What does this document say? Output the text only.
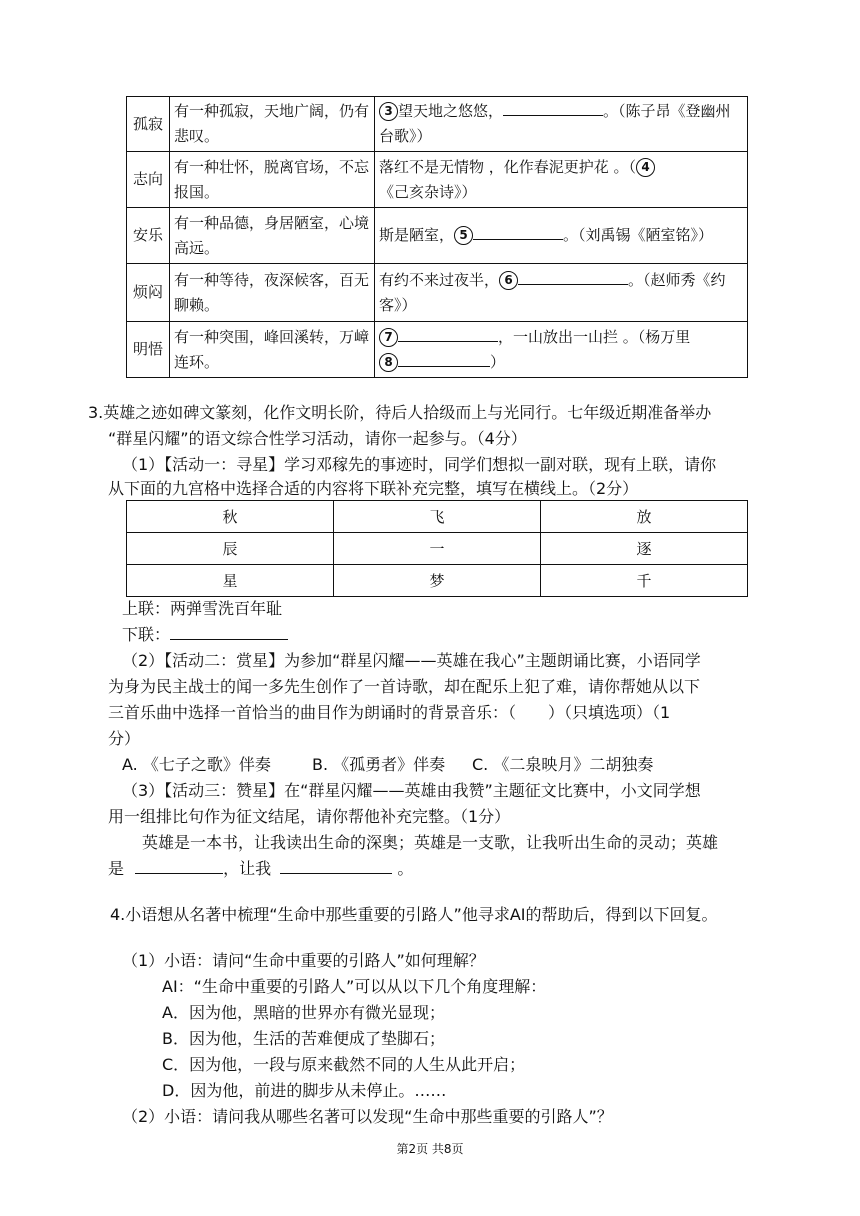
孤寂	有一种孤寂，天地广阔，仍有悲叹。	3 望天地之悠悠， 。（陈子昂《登幽州台歌》）
志向	有一种壮怀，脱离官场，不忘报国。	落红不是无情物 ，化作春泥更护花 。（ 4
《己亥杂诗》）
安乐	有一种品德，身居陋室，心境高远。	斯是陋室， 5 。（刘禹锡《陋室铭》）
烦闷	有一种等待，夜深候客，百无聊赖。	有约不来过夜半， 6 。（赵师秀《约客》）
明悟	有一种突围，峰回溪转，万嶂连环。	7 ，一山放出一山拦 。（杨万里
8 ）
3.英雄之迹如碑文篆刻，化作文明长阶，待后人拾级而上与光同行。七年级近期准备举办
“群星闪耀”的语文综合性学习活动，请你一起参与。（4分）
（1）【活动一：寻星】学习邓稼先的事迹时，同学们想拟一副对联，现有上联，请你
从下面的九宫格中选择合适的内容将下联补充完整，填写在横线上。（2分）
秋	飞	放
辰	一	逐
星	梦	千
上联：两弹雪洗百年耻
下联：
（2）【活动二：赏星】为参加“群星闪耀——英雄在我心”主题朗诵比赛，小语同学
为身为民主战士的闻一多先生创作了一首诗歌，却在配乐上犯了难，请你帮她从以下
三首乐曲中选择一首恰当的曲目作为朗诵时的背景音乐：（　　）（只填选项）（1
分）
A. 《七子之歌》伴奏	B. 《孤勇者》伴奏 C. 《二泉映月》二胡独奏
（3）【活动三：赞星】在“群星闪耀——英雄由我赞”主题征文比赛中，小文同学想
用一组排比句作为征文结尾，请你帮他补充完整。（1分）
英雄是一本书，让我读出生命的深奥；英雄是一支歌，让我听出生命的灵动；英雄
是	，让我	。
4.小语想从名著中梳理“生命中那些重要的引路人”他寻求AI的帮助后，得到以下回复。
（1）小语：请问“生命中重要的引路人”如何理解？
AI：“生命中重要的引路人”可以从以下几个角度理解：
A．因为他，黑暗的世界亦有微光显现；
B．因为他，生活的苦难便成了垫脚石；
C．因为他，一段与原来截然不同的人生从此开启；
D．因为他，前进的脚步从未停止。……
（2）小语：请问我从哪些名著可以发现“生命中那些重要的引路人”？
第2页 共8页
